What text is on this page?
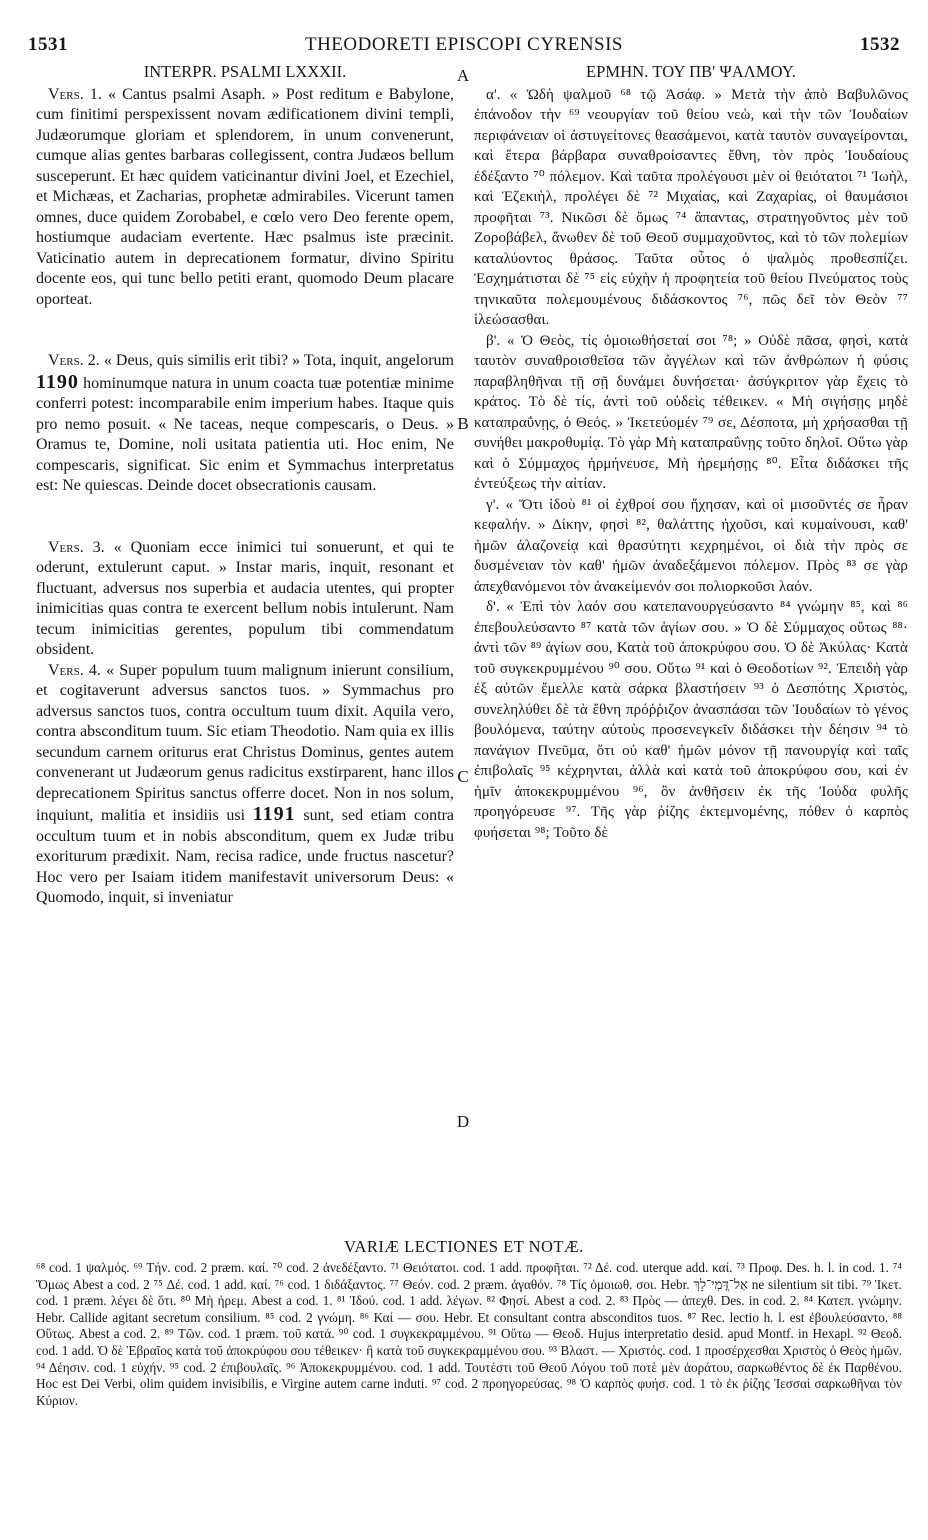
1531	THEODORETI EPISCOPI CYRENSIS	1532
INTERPR. PSALMI LXXXII.

Vers. 1. « Cantus psalmi Asaph. » Post reditum e Babylone, cum finitimi perspexissent novam ædificationem divini templi, Judæorumque gloriam et splendorem, in unum convenerunt, cumque alias gentes barbaras collegissent, contra Judæos bellum susceperunt. Et hæc quidem vaticinantur divini Joel, et Ezechiel, et Michæas, et Zacharias, prophetæ admirabiles. Vicerunt tamen omnes, duce quidem Zorobabel, e cœlo vero Deo ferente opem, hostiumque audaciam evertente. Hæc psalmus iste præcinit. Vaticinatio autem in deprecationem formatur, divino Spiritu docente eos, qui tunc bello petiti erant, quomodo Deum placare oporteat.

Vers. 2. « Deus, quis similis erit tibi? » Tota, inquit, angelorum 1190 hominumque natura in unum coacta tuæ potentiæ minime conferri potest: incomparabile enim imperium habes. Itaque quis pro nemo posuit. « Ne taceas, neque compescaris, o Deus. » Oramus te, Domine, noli usitata patientia uti. Hoc enim, Ne compescaris, significat. Sic enim et Symmachus interpretatus est: Ne quiescas. Deinde docet obsecrationis causam.

Vers. 3. « Quoniam ecce inimici tui sonuerunt, et qui te oderunt, extulerunt caput. » Instar maris, inquit, resonant et fluctuant, adversus nos superbia et audacia utentes, qui propter inimicitias quas contra te exercent bellum nobis intulerunt. Nam tecum inimicitias gerentes, populum tibi commendatum obsident.

Vers. 4. « Super populum tuum malignum inierunt consilium, et cogitaverunt adversus sanctos tuos. » Symmachus pro adversus sanctos tuos, contra occultum tuum dixit. Aquila vero, contra absconditum tuum. Sic etiam Theodotio. Nam quia ex illis secundum carnem oriturus erat Christus Dominus, gentes autem convenerant ut Judæorum genus radicitus exstirparent, hanc illos deprecationem Spiritus sanctus offerre docet. Non in nos solum, inquiunt, malitia et insidiis usi 1191 sunt, sed etiam contra occultum tuum et in nobis absconditum, quem ex Judæ tribu exoriturum prædixit. Nam, recisa radice, unde fructus nascetur? Hoc vero per Isaiam itidem manifestavit universorum Deus: « Quomodo, inquit, si inveniatur

A
B
C
D
ΕΡΜΗΝ. ΤΟΥ ΠΒ' ΨΑΛΜΟΥ.

α'. « Ὠδὴ ψαλμοῦ ⁶⁸ τῷ Ἀσάφ. » Μετὰ τὴν ἀπὸ Βαβυλῶνος ἐπάνοδον τὴν ⁶⁹ νεουργίαν τοῦ θείου νεὼ, καὶ τὴν τῶν Ἰουδαίων περιφάνειαν οἱ ἀστυγείτονες θεασάμενοι, κατὰ ταυτὸν συναγείρονται, καὶ ἕτερα βάρβαρα συναθροίσαντες ἔθνη, τὸν πρὸς Ἰουδαίους ἐδέξαντο ⁷⁰ πόλεμον. Καὶ ταῦτα προλέγουσι μὲν οἱ θειότατοι ⁷¹ Ἰωὴλ, καὶ Ἐζεκιὴλ, προλέγει δὲ ⁷² Μιχαίας, καὶ Ζαχαρίας, οἱ θαυμάσιοι προφῆται ⁷³. Νικῶσι δὲ ὅμως ⁷⁴ ἅπαντας, στρατηγοῦντος μὲν τοῦ Ζοροβάβελ, ἄνωθεν δὲ τοῦ Θεοῦ συμμαχοῦντος, καὶ τὸ τῶν πολεμίων καταλύοντος θράσος. Ταῦτα οὗτος ὁ ψαλμὸς προθεσπίζει. Ἐσχημάτισται δὲ ⁷⁵ εἰς εὐχὴν ἡ προφητεία τοῦ θείου Πνεύματος τοὺς τηνικαῦτα πολεμουμένους διδάσκοντος ⁷⁶, πῶς δεῖ τὸν Θεὸν ⁷⁷ ἱλεώσασθαι.

β'. « Ὁ Θεὸς, τίς ὁμοιωθήσεταί σοι ⁷⁸; » Οὐδὲ πᾶσα, φησὶ, κατὰ ταυτὸν συναθροισθεῖσα τῶν ἀγγέλων καὶ τῶν ἀνθρώπων ἡ φύσις παραβληθῆναι τῇ σῇ δυνάμει δυνήσεται· ἀσύγκριτον γὰρ ἔχεις τὸ κράτος. Τὸ δὲ τίς, ἀντὶ τοῦ οὐδεὶς τέθεικεν. « Μὴ σιγήσῃς μηδὲ καταπραΰνῃς, ὁ Θεός. » Ἱκετεύομέν ⁷⁹ σε, Δέσποτα, μὴ χρήσασθαι τῇ συνήθει μακροθυμίᾳ. Τὸ γὰρ Μὴ καταπραΰνῃς τοῦτο δηλοῖ. Οὕτω γὰρ καὶ ὁ Σύμμαχος ἡρμήνευσε, Μὴ ἠρεμήσῃς ⁸⁰. Εἶτα διδάσκει τῆς ἐντεύξεως τὴν αἰτίαν.

γ'. « Ὅτι ἰδοὺ ⁸¹ οἱ ἐχθροί σου ἤχησαν, καὶ οἱ μισοῦντές σε ἦραν κεφαλήν. » Δίκην, φησὶ ⁸², θαλάττης ἠχοῦσι, καὶ κυμαίνουσι, καθ' ἡμῶν ἀλαζονείᾳ καὶ θρασύτητι κεχρημένοι, οἱ διὰ τὴν πρὸς σε δυσμένειαν τὸν καθ' ἡμῶν ἀναδεξάμενοι πόλεμον. Πρὸς ⁸³ σε γὰρ ἀπεχθανόμενοι τὸν ἀνακείμενόν σοι πολιορκοῦσι λαόν.

δ'. « Ἐπὶ τὸν λαόν σου κατεπανουργεύσαντο ⁸⁴ γνώμην ⁸⁵, καὶ ⁸⁶ ἐπεβουλεύσαντο ⁸⁷ κατὰ τῶν ἁγίων σου. » Ὁ δὲ Σύμμαχος οὕτως ⁸⁸· ἀντὶ τῶν ⁸⁹ ἁγίων σου, Κατὰ τοῦ ἀποκρύφου σου. Ὁ δὲ Ἀκύλας· Κατὰ τοῦ συγκεκρυμμένου ⁹⁰ σου. Οὕτω ⁹¹ καὶ ὁ Θεοδοτίων ⁹². Ἐπειδὴ γὰρ ἐξ αὐτῶν ἔμελλε κατὰ σάρκα βλαστήσειν ⁹³ ὁ Δεσπότης Χριστὸς, συνεληλύθει δὲ τὰ ἔθνη πρόῤῥιζον ἀνασπάσαι τῶν Ἰουδαίων τὸ γένος βουλόμενα, ταύτην αὐτοὺς προσενεγκεῖν διδάσκει τὴν δέησιν ⁹⁴ τὸ πανάγιον Πνεῦμα, ὅτι οὐ καθ' ἡμῶν μόνον τῇ πανουργίᾳ καὶ ταῖς ἐπιβολαῖς ⁹⁵ κέχρηνται, ἀλλὰ καὶ κατὰ τοῦ ἀποκρύφου σου, καὶ ἐν ἡμῖν ἀποκεκρυμμένου ⁹⁶, ὃν ἀνθῆσειν ἐκ τῆς Ἰούδα φυλῆς προηγόρευσε ⁹⁷. Τῆς γὰρ ῥίζης ἐκτεμνομένης, πόθεν ὁ καρπὸς φυήσεται ⁹⁸; Τοῦτο δὲ

VARIÆ LECTIONES ET NOTÆ.

⁶⁸ cod. 1 ψαλμός. ⁶⁹ Τήν. cod. 2 præm. καί. ⁷⁰ cod. 2 ἀνεδέξαντο. ⁷¹ Θειότατοι. cod. 1 add. προφῆται. ⁷² Δέ. cod. uterque add. καί. ⁷³ Προφ. Des. h. l. in cod. 1. ⁷⁴ Ὅμως Abest a cod. 2 ⁷⁵ Δέ. cod. 1 add. καί. ⁷⁶ cod. 1 διδάξαντος. ⁷⁷ Θεόν. cod. 2 præm. ἀγαθόν. ⁷⁸ Τίς ὁμοιωθ. σοι. Hebr. אַל־דֳּמִי־לָךְ ne silentium sit tibi. ⁷⁹ Ἱκετ. cod. 1 præm. λέγει δὲ ὅτι. ⁸⁰ Μὴ ἠρεμ. Abest a cod. 1. ⁸¹ Ἰδού. cod. 1 add. λέγων. ⁸² Φησί. Abest a cod. 2. ⁸³ Πρὸς — ἀπεχθ. Des. in cod. 2. ⁸⁴ Κατεπ. γνώμην. Hebr. Callide agitant secretum consilium. ⁸⁵ cod. 2 γνώμη. ⁸⁶ Καί — σου. Hebr. Et consultant contra absconditos tuos. ⁸⁷ Rec. lectio h. l. est ἐβουλεύσαντο. ⁸⁸ Οὕτως. Abest a cod. 2. ⁸⁹ Τῶν. cod. 1 præm. τοῦ κατά. ⁹⁰ cod. 1 συγκεκραμμένου. ⁹¹ Οὕτω — Θεοδ. Hujus interpretatio desid. apud Montf. in Hexapl. ⁹² Θεοδ. cod. 1 add. Ὁ δὲ Ἑβραῖος κατὰ τοῦ ἀποκρύφου σου τέθεικεν· ἢ κατὰ τοῦ συγκεκραμμένου σου. ⁹³ Βλαστ. — Χριστός. cod. 1 προσέρχεσθαι Χριστὸς ὁ Θεὸς ἡμῶν. ⁹⁴ Δέησιν. cod. 1 εὐχήν. ⁹⁵ cod. 2 ἐπιβουλαῖς. ⁹⁶ Ἀποκεκρυμμένου. cod. 1 add. Τουτέστι τοῦ Θεοῦ Λόγου τοῦ ποτὲ μὲν ἀοράτου, σαρκωθέντος δὲ ἐκ Παρθένου. Hoc est Dei Verbi, olim quidem invisibilis, e Virgine autem carne induti. ⁹⁷ cod. 2 προηγορεύσας. ⁹⁸ Ὁ καρπὸς φυήσ. cod. 1 τὸ ἐκ ῥίζης Ἰεσσαὶ σαρκωθῆναι τὸν Κύριον.
